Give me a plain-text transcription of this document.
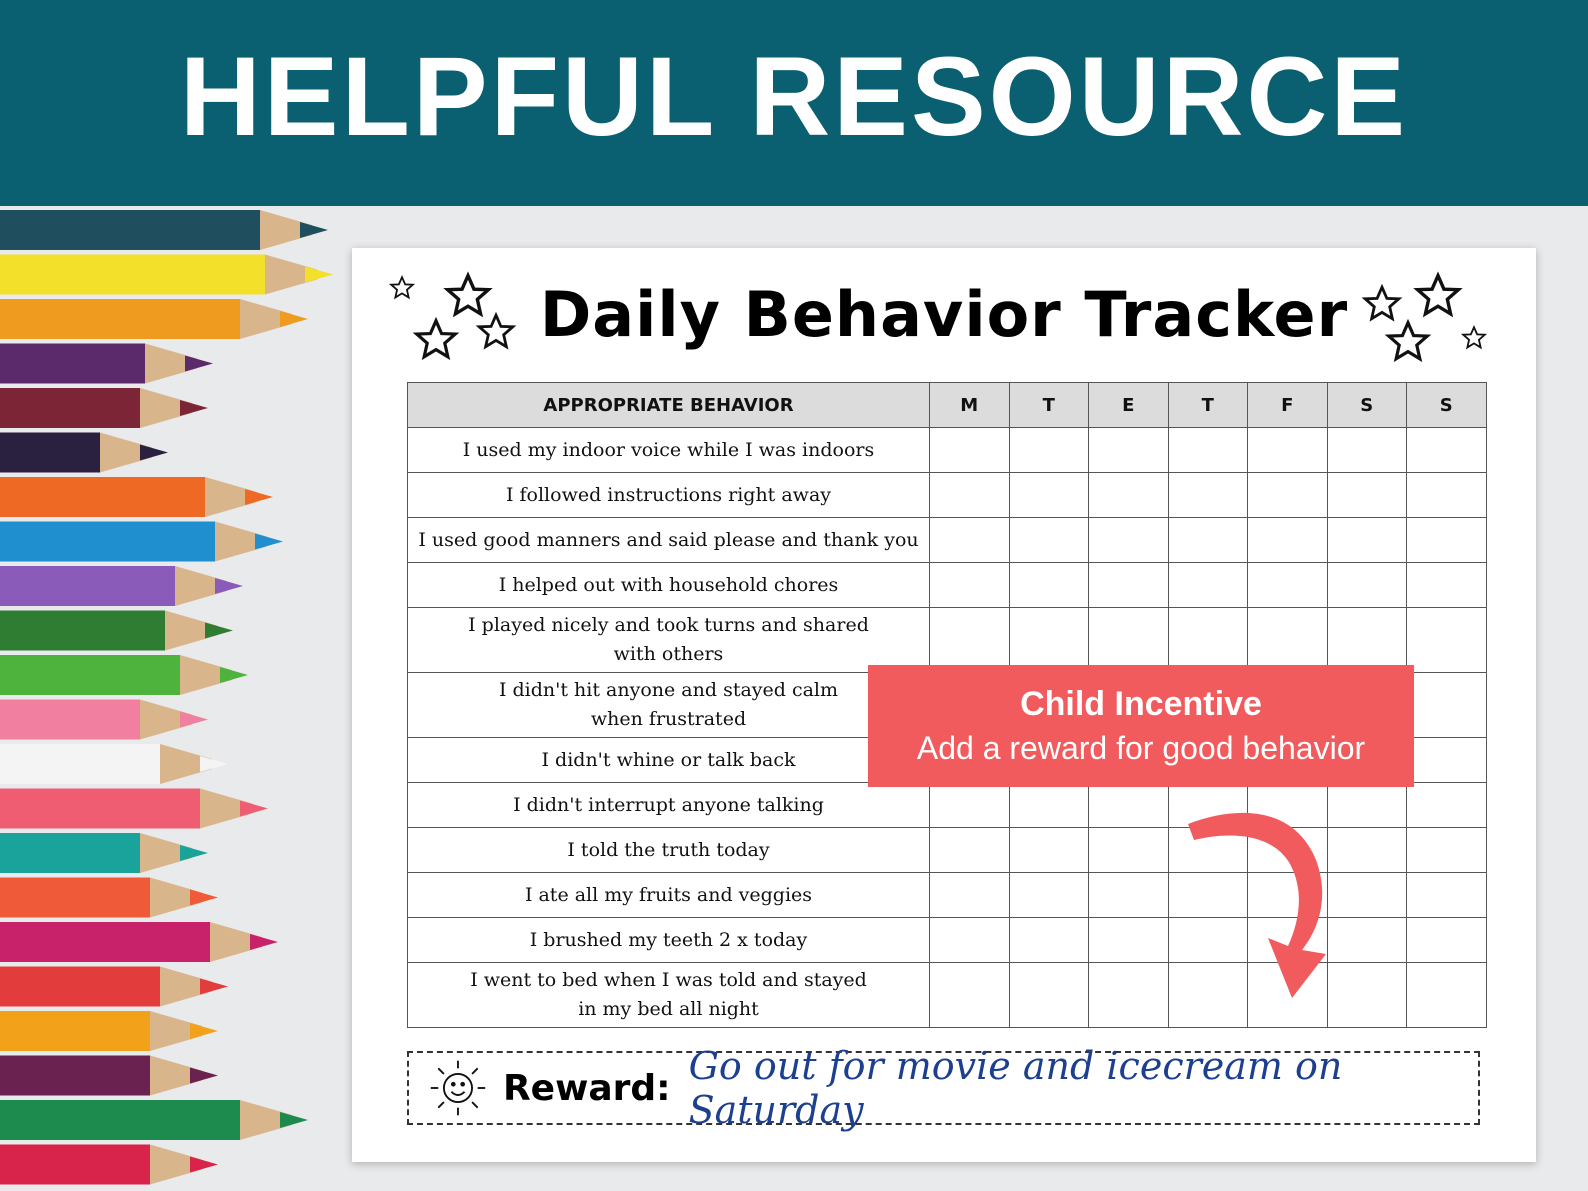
HELPFUL RESOURCE
Daily Behavior Tracker
APPROPRIATE BEHAVIOR	M	T	E	T	F	S	S

I used my indoor voice while I was indoors							

I followed instructions right away							

I used good manners and said please and thank you							

I helped out with household chores							

I played nicely and took turns and shared
with others							

I didn't hit anyone and stayed calm
when frustrated							

I didn't whine or talk back							

I didn't interrupt anyone talking							

I told the truth today							

I ate all my fruits and veggies							

I brushed my teeth 2 x today							

I went to bed when I was told and stayed
in my bed all night							

Reward: Go out for movie and icecream on Saturday
Child Incentive
Add a reward for good behavior
